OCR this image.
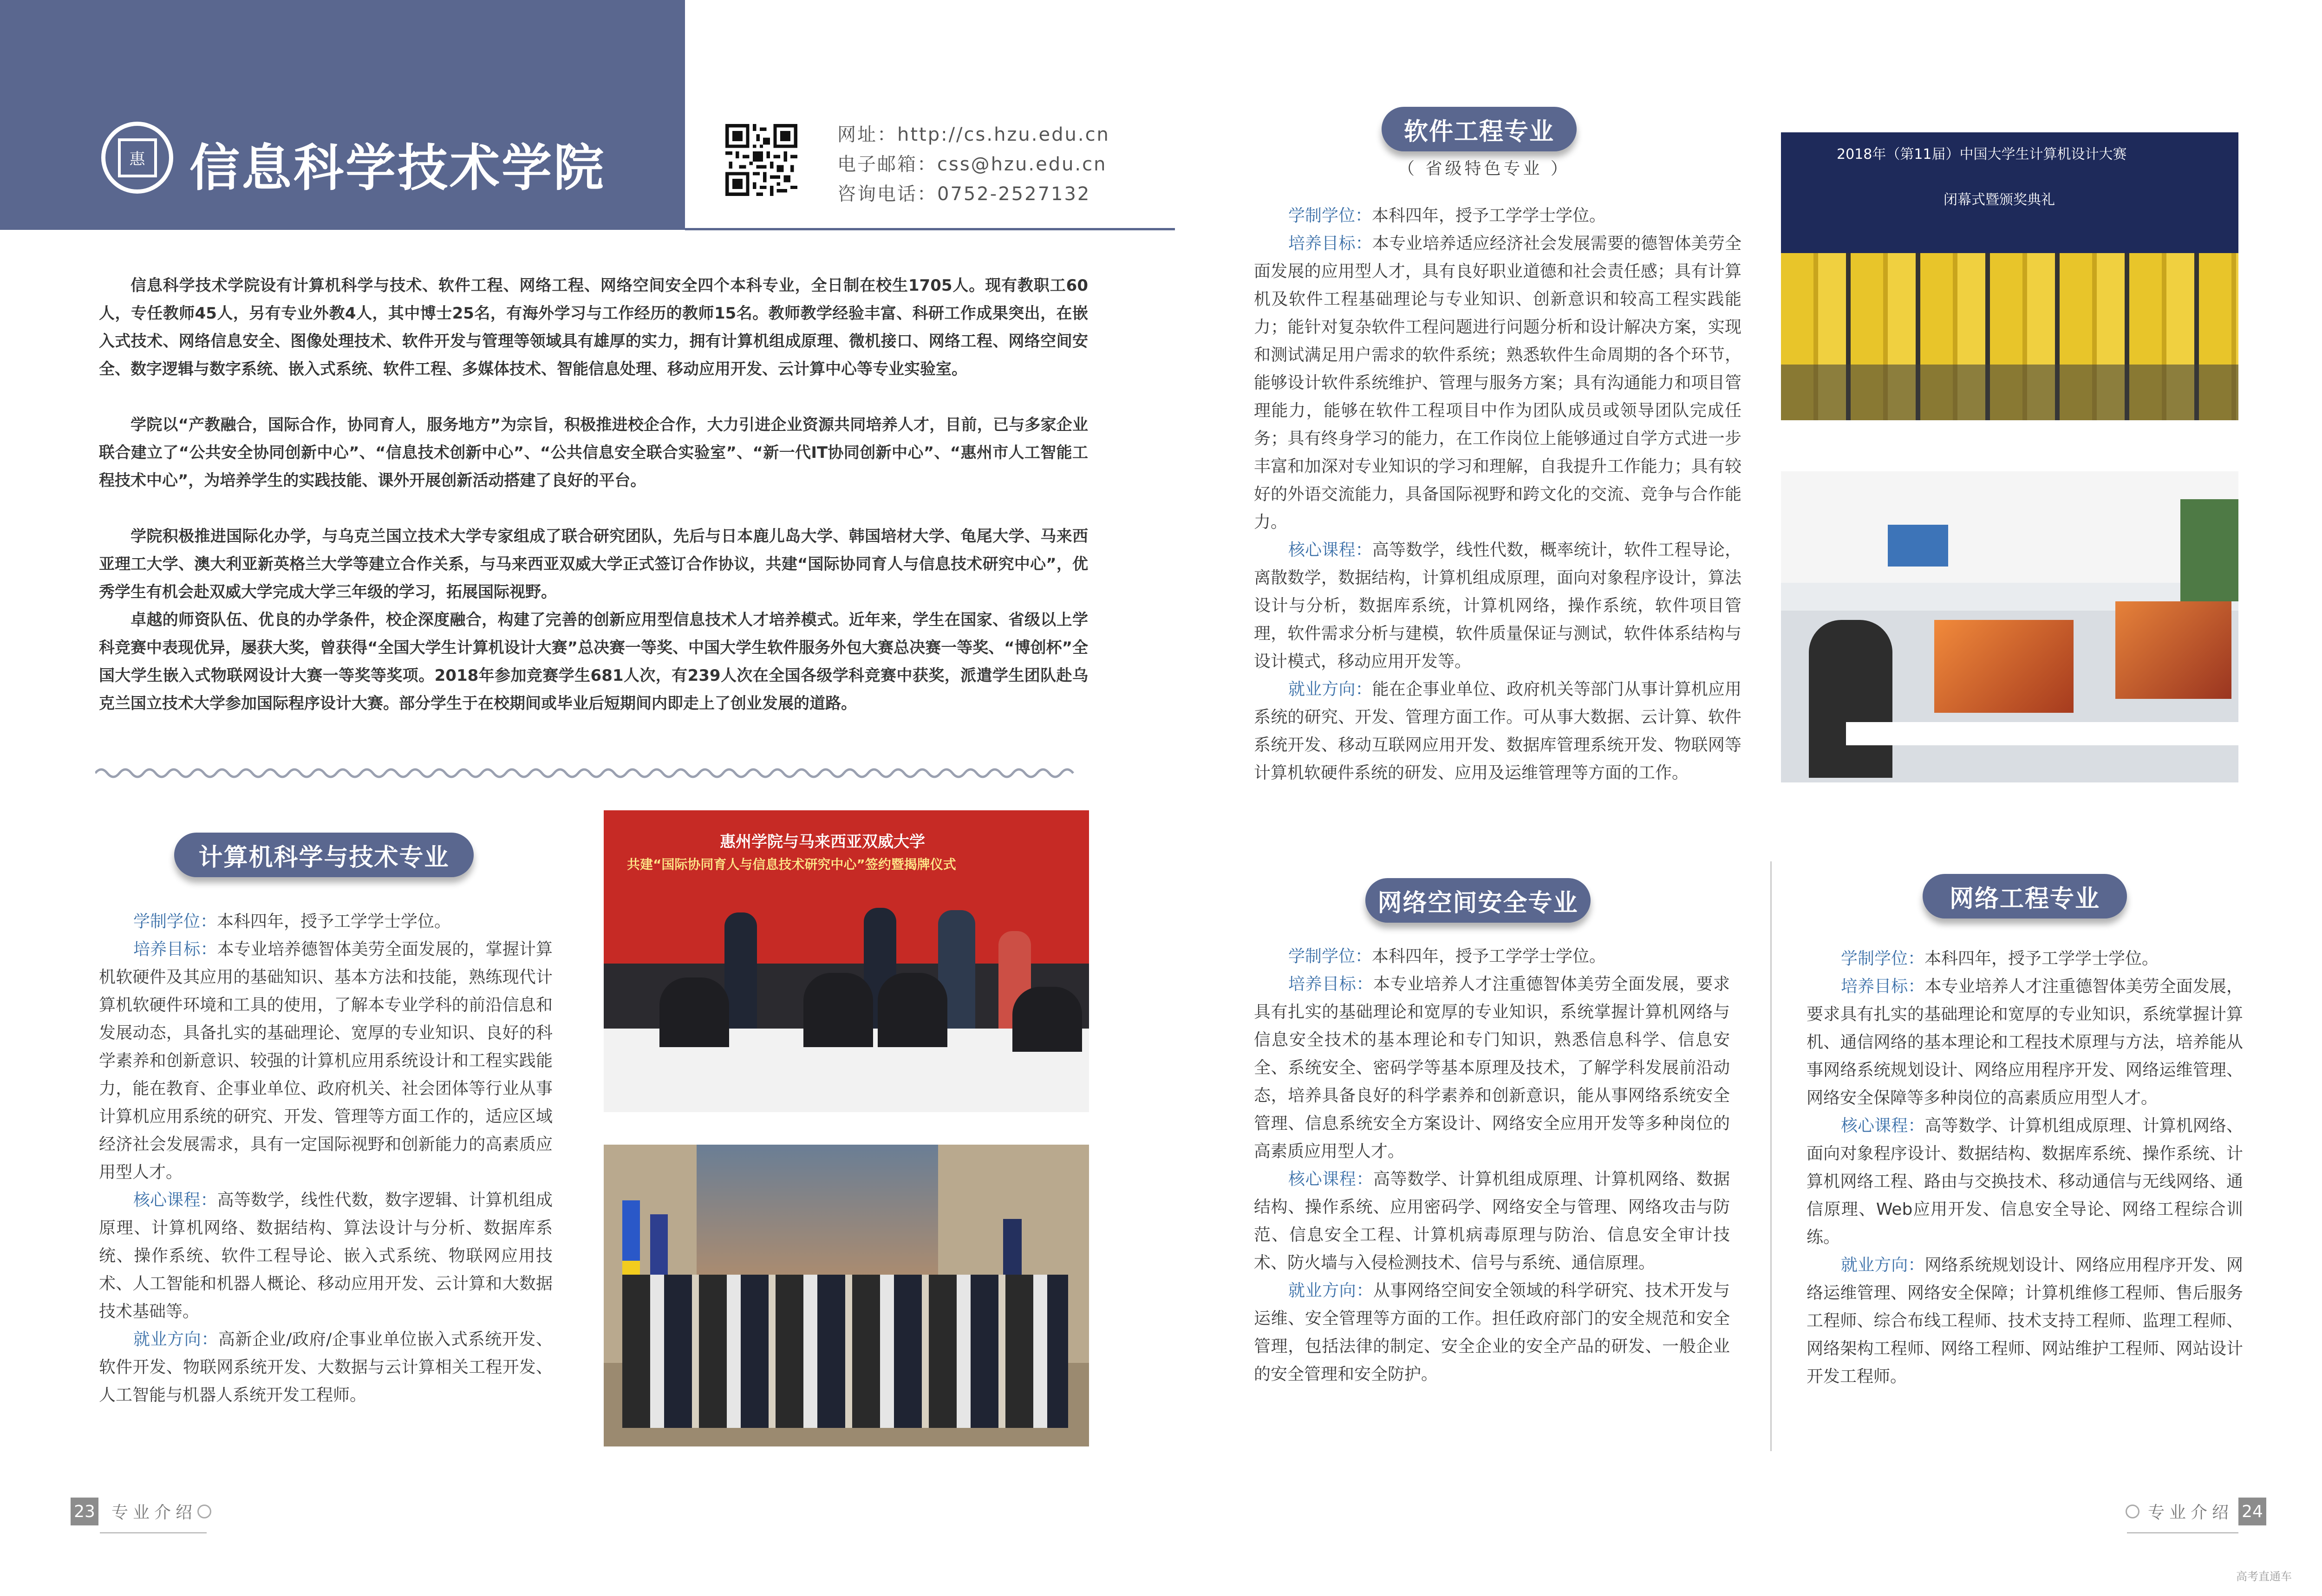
惠 信息科学技术学院
网址：http://cs.hzu.edu.cn
电子邮箱：css@hzu.edu.cn
咨询电话：0752-2527132
信息科学技术学院设有计算机科学与技术、软件工程、网络工程、网络空间安全四个本科专业，全日制在校生1705人。现有教职工60人，专任教师45人，另有专业外教4人，其中博士25名，有海外学习与工作经历的教师15名。教师教学经验丰富、科研工作成果突出，在嵌入式技术、网络信息安全、图像处理技术、软件开发与管理等领域具有雄厚的实力，拥有计算机组成原理、微机接口、网络工程、网络空间安全、数字逻辑与数字系统、嵌入式系统、软件工程、多媒体技术、智能信息处理、移动应用开发、云计算中心等专业实验室。
学院以“产教融合，国际合作，协同育人，服务地方”为宗旨，积极推进校企合作，大力引进企业资源共同培养人才，目前，已与多家企业联合建立了“公共安全协同创新中心”、“信息技术创新中心”、“公共信息安全联合实验室”、“新一代IT协同创新中心”、“惠州市人工智能工程技术中心”，为培养学生的实践技能、课外开展创新活动搭建了良好的平台。
学院积极推进国际化办学，与乌克兰国立技术大学专家组成了联合研究团队，先后与日本鹿儿岛大学、韩国培材大学、龟尾大学、马来西亚理工大学、澳大利亚新英格兰大学等建立合作关系，与马来西亚双威大学正式签订合作协议，共建“国际协同育人与信息技术研究中心”，优秀学生有机会赴双威大学完成大学三年级的学习，拓展国际视野。
卓越的师资队伍、优良的办学条件，校企深度融合，构建了完善的创新应用型信息技术人才培养模式。近年来，学生在国家、省级以上学科竞赛中表现优异，屡获大奖，曾获得“全国大学生计算机设计大赛”总决赛一等奖、中国大学生软件服务外包大赛总决赛一等奖、“博创杯”全国大学生嵌入式物联网设计大赛一等奖等奖项。2018年参加竞赛学生681人次，有239人次在全国各级学科竞赛中获奖，派遣学生团队赴乌克兰国立技术大学参加国际程序设计大赛。部分学生于在校期间或毕业后短期间内即走上了创业发展的道路。
计算机科学与技术专业
学制学位：本科四年，授予工学学士学位。
培养目标：本专业培养德智体美劳全面发展的，掌握计算机软硬件及其应用的基础知识、基本方法和技能，熟练现代计算机软硬件环境和工具的使用，了解本专业学科的前沿信息和发展动态，具备扎实的基础理论、宽厚的专业知识、良好的科学素养和创新意识、较强的计算机应用系统设计和工程实践能力，能在教育、企事业单位、政府机关、社会团体等行业从事计算机应用系统的研究、开发、管理等方面工作的，适应区域经济社会发展需求，具有一定国际视野和创新能力的高素质应用型人才。
核心课程：高等数学，线性代数，数字逻辑、计算机组成原理、计算机网络、数据结构、算法设计与分析、数据库系统、操作系统、软件工程导论、嵌入式系统、物联网应用技术、人工智能和机器人概论、移动应用开发、云计算和大数据技术基础等。
就业方向：高新企业/政府/企事业单位嵌入式系统开发、软件开发、物联网系统开发、大数据与云计算相关工程开发、人工智能与机器人系统开发工程师。
惠州学院与马来西亚双威大学
共建“国际协同育人与信息技术研究中心”签约暨揭牌仪式
软件工程专业
（ 省级特色专业 ）
学制学位：本科四年，授予工学学士学位。
培养目标：本专业培养适应经济社会发展需要的德智体美劳全面发展的应用型人才，具有良好职业道德和社会责任感；具有计算机及软件工程基础理论与专业知识、创新意识和较高工程实践能力；能针对复杂软件工程问题进行问题分析和设计解决方案，实现和测试满足用户需求的软件系统；熟悉软件生命周期的各个环节，能够设计软件系统维护、管理与服务方案；具有沟通能力和项目管理能力，能够在软件工程项目中作为团队成员或领导团队完成任务；具有终身学习的能力，在工作岗位上能够通过自学方式进一步丰富和加深对专业知识的学习和理解，自我提升工作能力；具有较好的外语交流能力，具备国际视野和跨文化的交流、竞争与合作能力。
核心课程：高等数学，线性代数，概率统计，软件工程导论，离散数学，数据结构，计算机组成原理，面向对象程序设计，算法设计与分析，数据库系统，计算机网络，操作系统，软件项目管理，软件需求分析与建模，软件质量保证与测试，软件体系结构与设计模式，移动应用开发等。
就业方向：能在企事业单位、政府机关等部门从事计算机应用系统的研究、开发、管理方面工作。可从事大数据、云计算、软件系统开发、移动互联网应用开发、数据库管理系统开发、物联网等计算机软硬件系统的研发、应用及运维管理等方面的工作。
2018年（第11届）中国大学生计算机设计大赛
闭幕式暨颁奖典礼
网络空间安全专业
学制学位：本科四年，授予工学学士学位。
培养目标：本专业培养人才注重德智体美劳全面发展，要求具有扎实的基础理论和宽厚的专业知识，系统掌握计算机网络与信息安全技术的基本理论和专门知识，熟悉信息科学、信息安全、系统安全、密码学等基本原理及技术，了解学科发展前沿动态，培养具备良好的科学素养和创新意识，能从事网络系统安全管理、信息系统安全方案设计、网络安全应用开发等多种岗位的高素质应用型人才。
核心课程：高等数学、计算机组成原理、计算机网络、数据结构、操作系统、应用密码学、网络安全与管理、网络攻击与防范、信息安全工程、计算机病毒原理与防治、信息安全审计技术、防火墙与入侵检测技术、信号与系统、通信原理。
就业方向：从事网络空间安全领域的科学研究、技术开发与运维、安全管理等方面的工作。担任政府部门的安全规范和安全管理，包括法律的制定、安全企业的安全产品的研发、一般企业的安全管理和安全防护。
网络工程专业
学制学位：本科四年，授予工学学士学位。
培养目标：本专业培养人才注重德智体美劳全面发展，要求具有扎实的基础理论和宽厚的专业知识，系统掌握计算机、通信网络的基本理论和工程技术原理与方法，培养能从事网络系统规划设计、网络应用程序开发、网络运维管理、网络安全保障等多种岗位的高素质应用型人才。
核心课程：高等数学、计算机组成原理、计算机网络、面向对象程序设计、数据结构、数据库系统、操作系统、计算机网络工程、路由与交换技术、移动通信与无线网络、通信原理、Web应用开发、信息安全导论、网络工程综合训练。
就业方向：网络系统规划设计、网络应用程序开发、网络运维管理、网络安全保障；计算机维修工程师、售后服务工程师、综合布线工程师、技术支持工程师、监理工程师、网络架构工程师、网络工程师、网站维护工程师、网站设计开发工程师。
23 专业介绍	专业介绍 24
高考直通车
